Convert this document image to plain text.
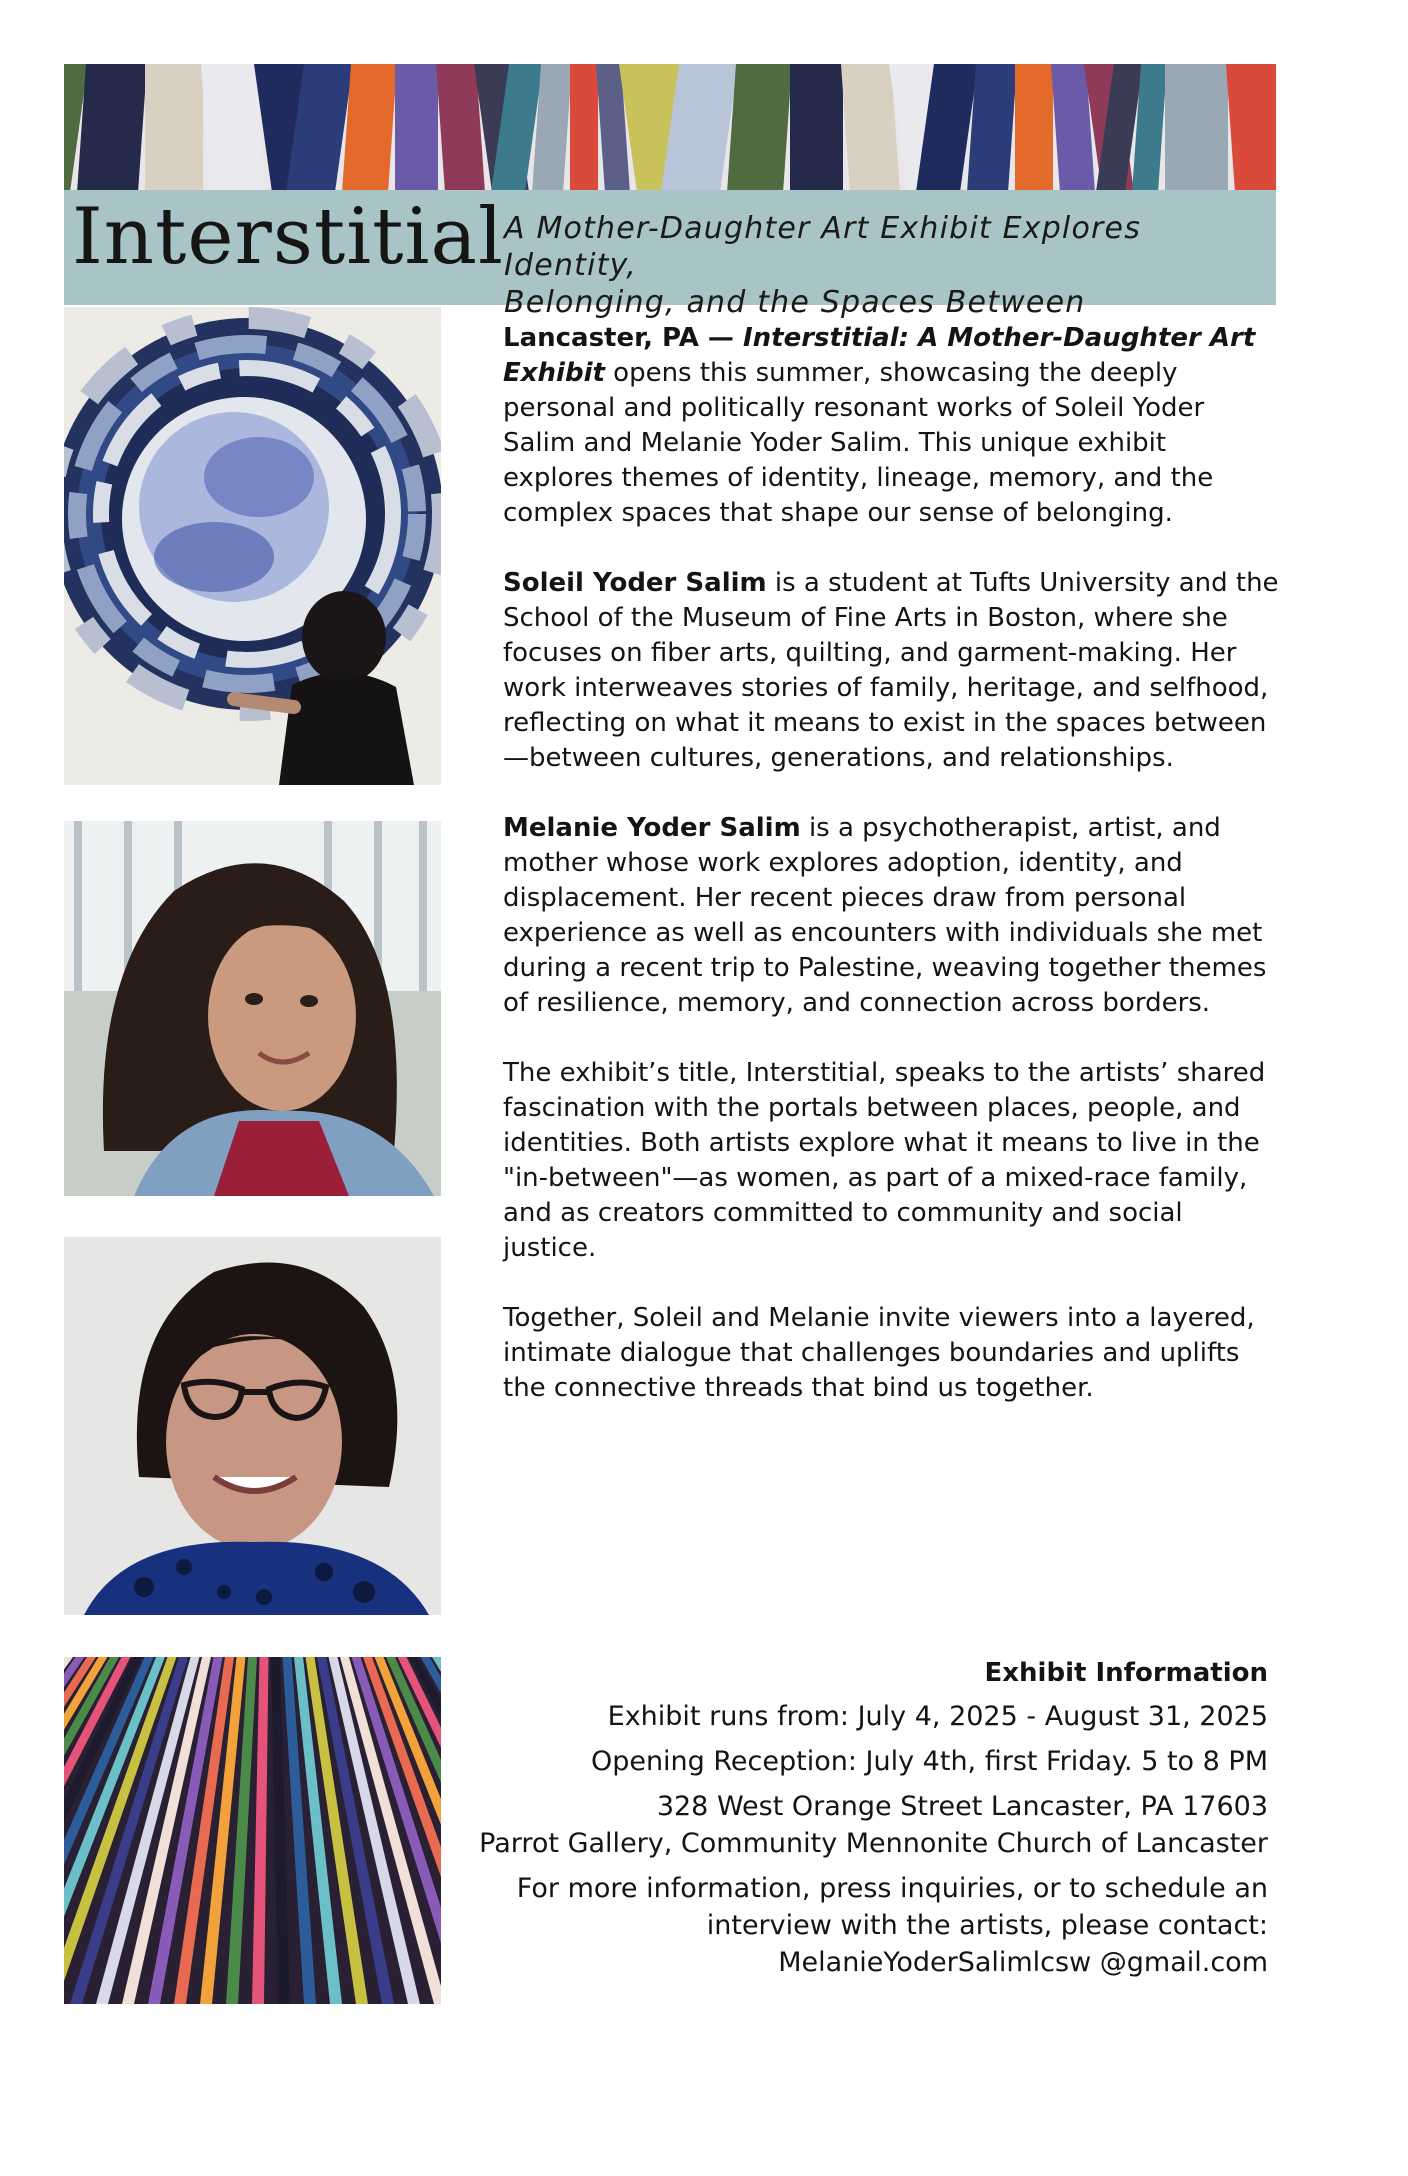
Interstitial A Mother-Daughter Art Exhibit Explores Identity,
Belonging, and the Spaces Between

Lancaster, PA — Interstitial: A Mother-Daughter Art Exhibit opens this summer, showcasing the deeply personal and politically resonant works of Soleil Yoder Salim and Melanie Yoder Salim. This unique exhibit explores themes of identity, lineage, memory, and the complex spaces that shape our sense of belonging.

Soleil Yoder Salim is a student at Tufts University and the School of the Museum of Fine Arts in Boston, where she focuses on fiber arts, quilting, and garment-making. Her work interweaves stories of family, heritage, and selfhood, reflecting on what it means to exist in the spaces between—between cultures, generations, and relationships.

Melanie Yoder Salim is a psychotherapist, artist, and mother whose work explores adoption, identity, and displacement. Her recent pieces draw from personal experience as well as encounters with individuals she met during a recent trip to Palestine, weaving together themes of resilience, memory, and connection across borders.

The exhibit’s title, Interstitial, speaks to the artists’ shared fascination with the portals between places, people, and identities. Both artists explore what it means to live in the "in-between"—as women, as part of a mixed-race family, and as creators committed to community and social justice.

Together, Soleil and Melanie invite viewers into a layered, intimate dialogue that challenges boundaries and uplifts the connective threads that bind us together.

Exhibit Information
Exhibit runs from: July 4, 2025 - August 31, 2025
Opening Reception: July 4th, first Friday. 5 to 8 PM
328 West Orange Street Lancaster, PA 17603
Parrot Gallery, Community Mennonite Church of Lancaster
For more information, press inquiries, or to schedule an
interview with the artists, please contact:
MelanieYoderSalimlcsw @gmail.com
